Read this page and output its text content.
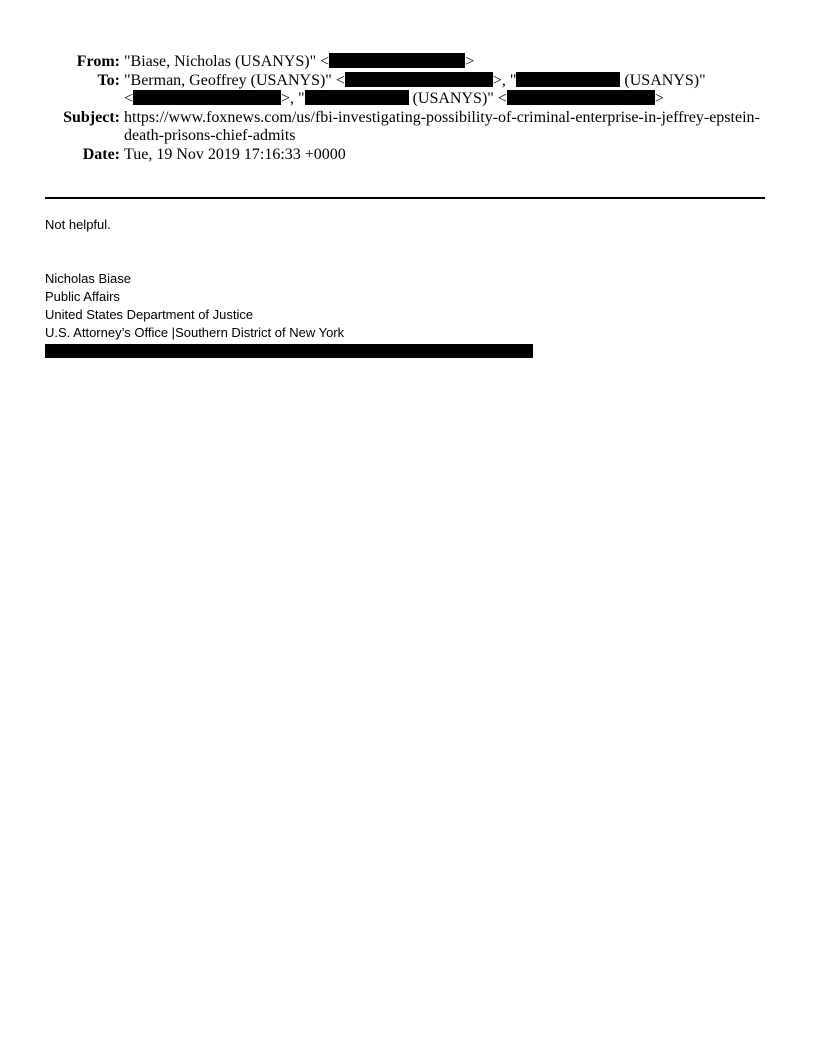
From: "Biase, Nicholas (USANYS)" <	>
To: "Berman, Geoffrey (USANYS)" <	>, "	(USANYS)"
<	>, "	(USANYS)" <	>
Subject: https://www.foxnews.com/us/fbi-investigating-possibility-of-criminal-enterprise-in-jeffrey-epstein-
death-prisons-chief-admits
Date: Tue, 19 Nov 2019 17:16:33 +0000
Not helpful.
Nicholas Biase
Public Affairs
United States Department of Justice
U.S. Attorney’s Office |Southern District of New York
